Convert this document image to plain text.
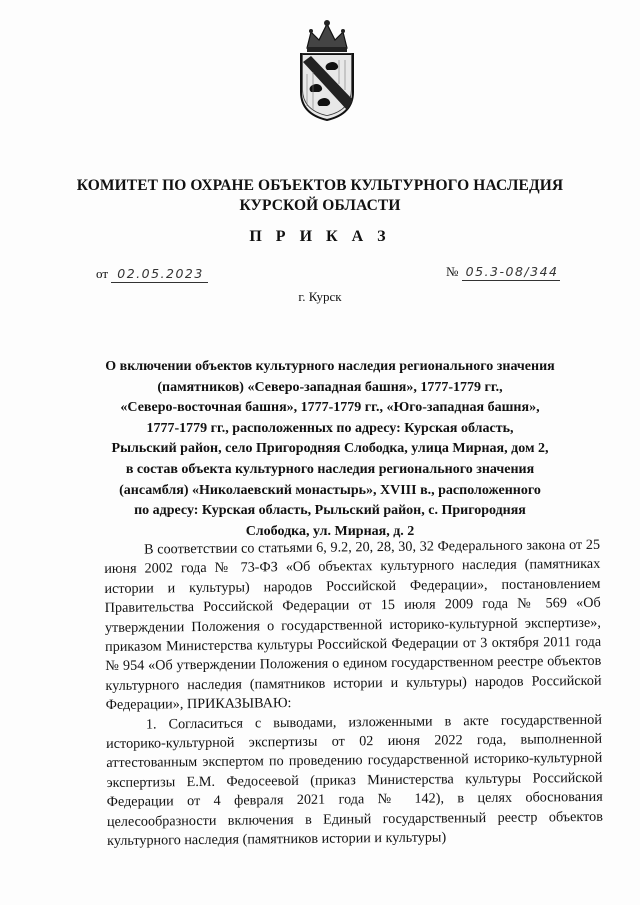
КОМИТЕТ ПО ОХРАНЕ ОБЪЕКТОВ КУЛЬТУРНОГО НАСЛЕДИЯ
КУРСКОЙ ОБЛАСТИ
П Р И К А З
от 02.05.2023	№ 05.3-08/344
г. Курск
О включении объектов культурного наследия регионального значения
(памятников) «Северо-западная башня», 1777-1779 гг.,
«Северо-восточная башня», 1777-1779 гг., «Юго-западная башня»,
1777-1779 гг., расположенных по адресу: Курская область,
Рыльский район, село Пригородняя Слободка, улица Мирная, дом 2,
в состав объекта культурного наследия регионального значения
(ансамбля) «Николаевский монастырь», XVIII в., расположенного
по адресу: Курская область, Рыльский район, с. Пригородняя
Слободка, ул. Мирная, д. 2

В соответствии со статьями 6, 9.2, 20, 28, 30, 32 Федерального закона от 25 июня 2002 года № 73-ФЗ «Об объектах культурного наследия (памятниках истории и культуры) народов Российской Федерации», постановлением Правительства Российской Федерации от 15 июля 2009 года № 569 «Об утверждении Положения о государственной историко-культурной экспертизе», приказом Министерства культуры Российской Федерации от 3 октября 2011 года № 954 «Об утверждении Положения о едином государственном реестре объектов культурного наследия (памятников истории и культуры) народов Российской Федерации», ПРИКАЗЫВАЮ:

1. Согласиться с выводами, изложенными в акте государственной историко-культурной экспертизы от 02 июня 2022 года, выполненной аттестованным экспертом по проведению государственной историко-культурной экспертизы Е.М. Федосеевой (приказ Министерства культуры Российской Федерации от 4 февраля 2021 года № 142), в целях обоснования целесообразности включения в Единый государственный реестр объектов культурного наследия (памятников истории и культуры)
